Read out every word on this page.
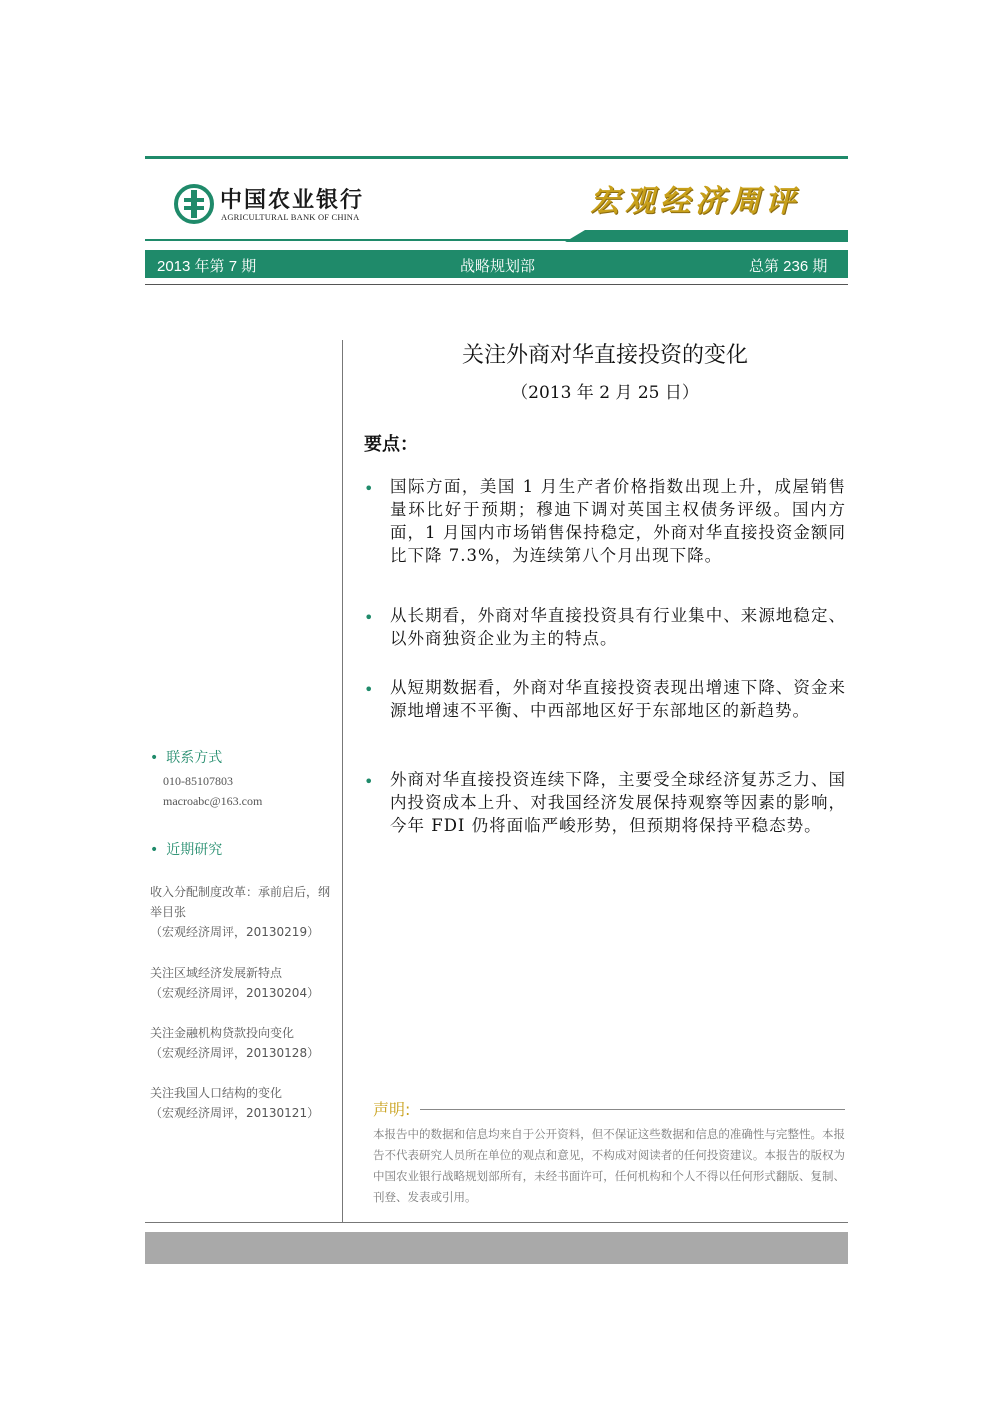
中国农业银行
AGRICULTURAL BANK OF CHINA	宏观经济周评
2013 年第 7 期	战略规划部	总第 236 期
关注外商对华直接投资的变化
（2013 年 2 月 25 日）
要点：
• 国际方面，美国 1 月生产者价格指数出现上升，成屋销售量环比好于预期；穆迪下调对英国主权债务评级。国内方面，1 月国内市场销售保持稳定，外商对华直接投资金额同比下降 7.3%，为连续第八个月出现下降。
• 从长期看，外商对华直接投资具有行业集中、来源地稳定、以外商独资企业为主的特点。
• 从短期数据看，外商对华直接投资表现出增速下降、资金来源地增速不平衡、中西部地区好于东部地区的新趋势。
• 外商对华直接投资连续下降，主要受全球经济复苏乏力、国内投资成本上升、对我国经济发展保持观察等因素的影响，今年 FDI 仍将面临严峻形势，但预期将保持平稳态势。
• 联系方式
010-85107803
macroabc@163.com
• 近期研究
收入分配制度改革：承前启后，纲举目张
（宏观经济周评，20130219）
关注区域经济发展新特点
（宏观经济周评，20130204）
关注金融机构贷款投向变化
（宏观经济周评，20130128）
关注我国人口结构的变化
（宏观经济周评，20130121）	声明:
本报告中的数据和信息均来自于公开资料，但不保证这些数据和信息的准确性与完整性。本报告不代表研究人员所在单位的观点和意见，不构成对阅读者的任何投资建议。本报告的版权为中国农业银行战略规划部所有，未经书面许可，任何机构和个人不得以任何形式翻版、复制、刊登、发表或引用。
